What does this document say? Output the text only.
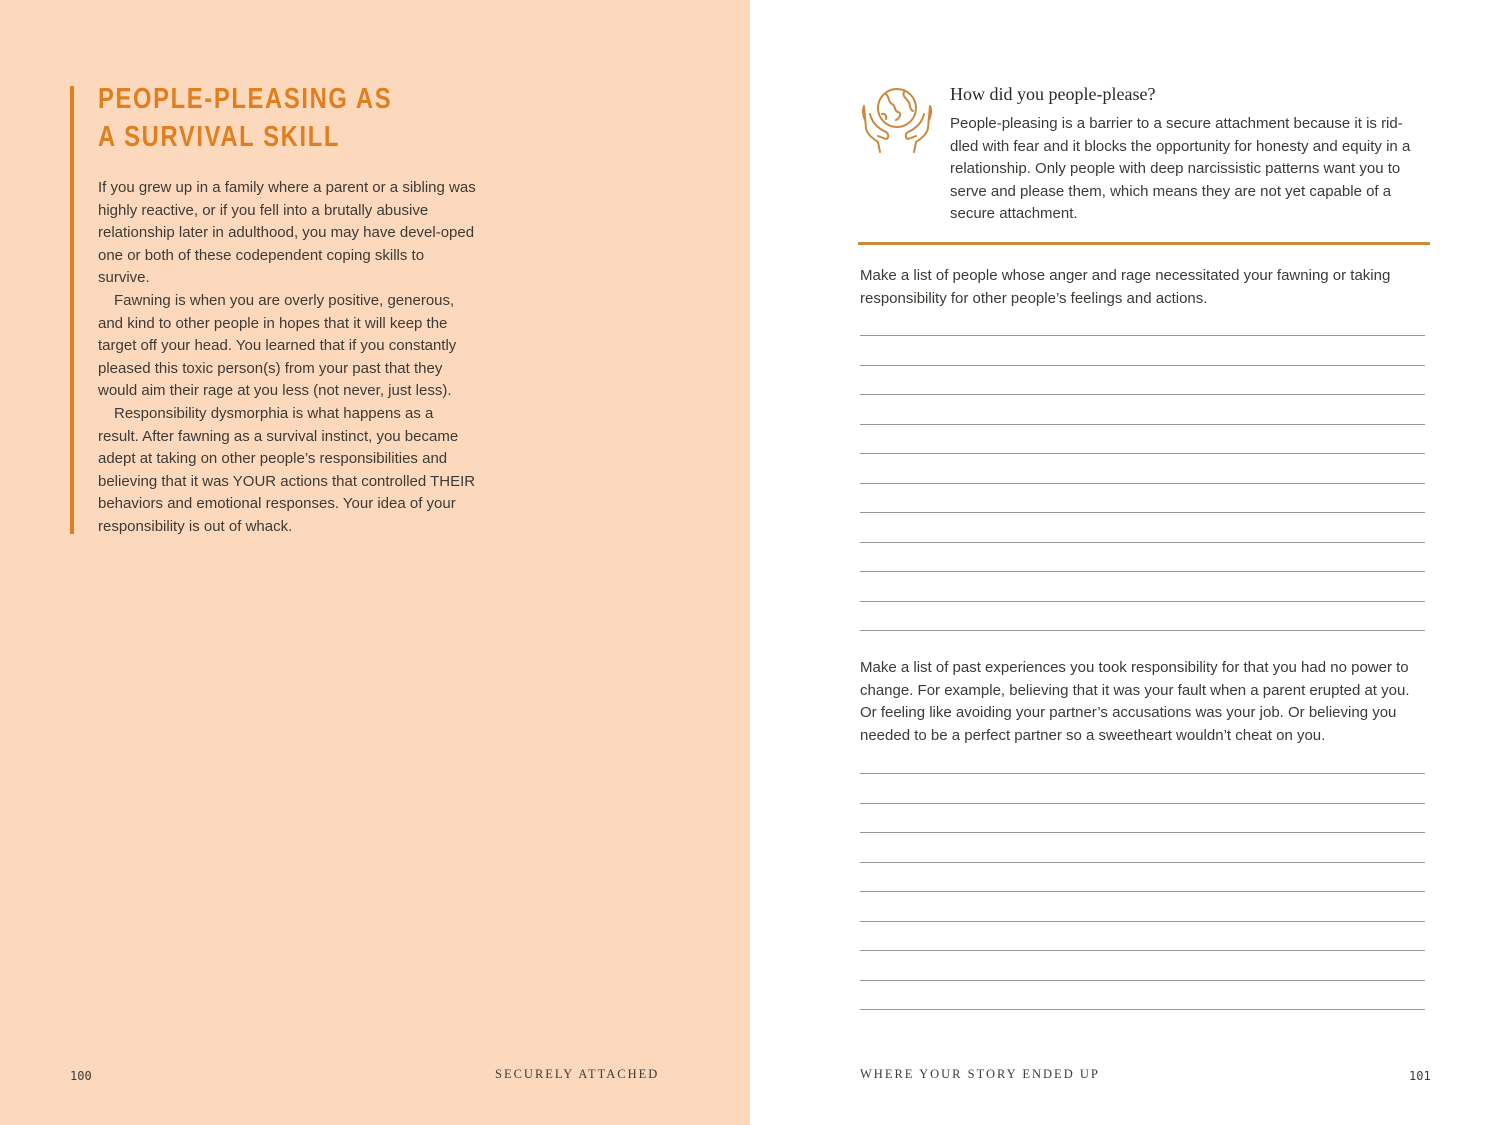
PEOPLE-PLEASING AS A SURVIVAL SKILL

If you grew up in a family where a parent or a sibling was highly reactive, or if you fell into a brutally abusive relationship later in adulthood, you may have devel-oped one or both of these codependent coping skills to survive.

Fawning is when you are overly positive, generous, and kind to other people in hopes that it will keep the target off your head. You learned that if you constantly pleased this toxic person(s) from your past that they would aim their rage at you less (not never, just less).

Responsibility dysmorphia is what happens as a result. After fawning as a survival instinct, you became adept at taking on other people’s responsibilities and believing that it was YOUR actions that controlled THEIR behaviors and emotional responses. Your idea of your responsibility is out of whack.

100	SECURELY ATTACHED
How did you people-please?

People-pleasing is a barrier to a secure attachment because it is rid-dled with fear and it blocks the opportunity for honesty and equity in a relationship. Only people with deep narcissistic patterns want you to serve and please them, which means they are not yet capable of a secure attachment.

Make a list of people whose anger and rage necessitated your fawning or taking responsibility for other people’s feelings and actions.

Make a list of past experiences you took responsibility for that you had no power to change. For example, believing that it was your fault when a parent erupted at you. Or feeling like avoiding your partner’s accusations was your job. Or believing you needed to be a perfect partner so a sweetheart wouldn’t cheat on you.

WHERE YOUR STORY ENDED UP	101
